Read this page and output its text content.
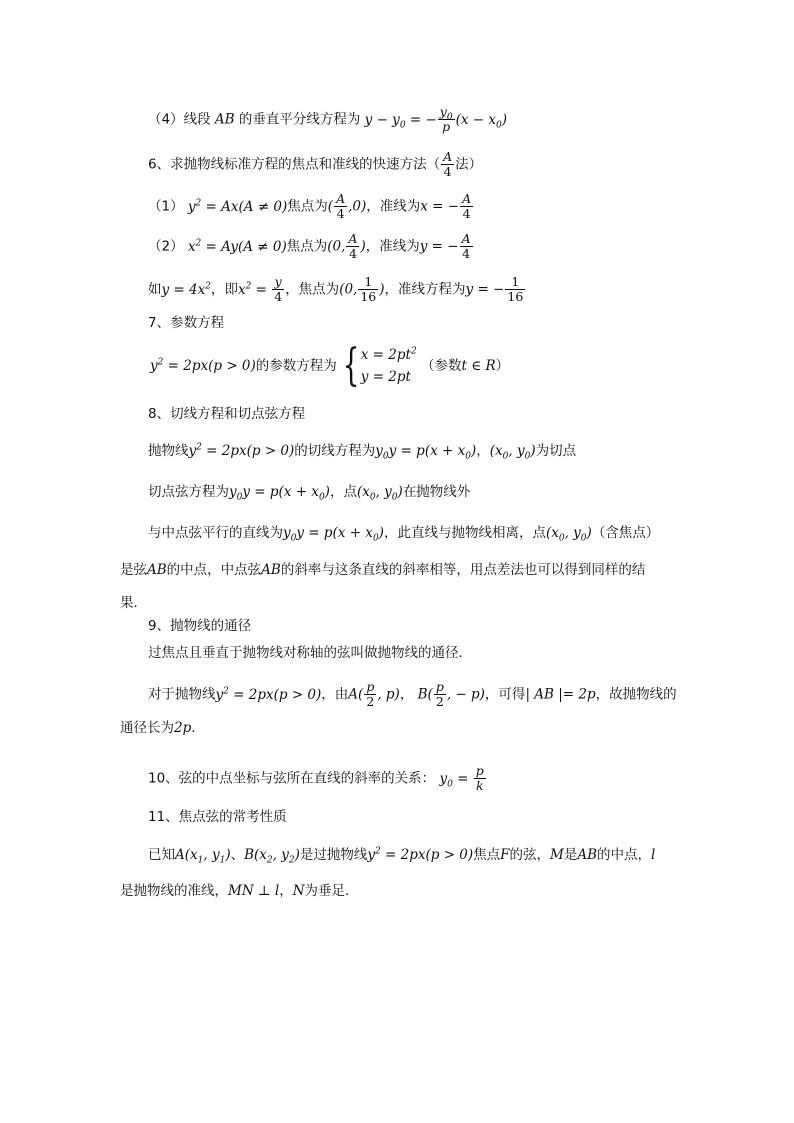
（4）线段 AB 的垂直平分线方程为 $y - y_0$ = − $\frac{y_0}{p} (x - x_0)$
6、求抛物线标准方程的焦点和准线的快速方法（ $\frac{A}{4}$ 法）
（1） $y^2 = Ax(A \ne 0)$焦点为( $\frac{A}{4} ,0$)，准线为x = − $\frac{A}{4}$
（2） $x^2 = Ay(A \ne 0)$焦点为(0, $\frac{A}{4}$ )，准线为y = − $\frac{A}{4}$
如$y = 4x^2$，即$x^2 = \frac{y}{4}$ ，焦点为(0, $\frac{1}{16}$ )，准线方程为y = − $\frac{1}{16}$
7、参数方程
$y^2 = 2px(p > 0)$的参数方程为 { $x = 2pt^2$
y = 2pt
（参数t ∈ R）
8、切线方程和切点弦方程
抛物线$y^2 = 2px(p > 0)$的切线方程为$y_0y = p(x + x_0)$，($x_0$, $y_0$)为切点
切点弦方程为$y_0y = p(x + x_0)$，点($x_0$, $y_0$)在抛物线外
与中点弦平行的直线为$y_0y = p(x + x_0)$，此直线与抛物线相离，点($x_0$, $y_0$)（含焦点）
是弦AB的中点，中点弦AB的斜率与这条直线的斜率相等，用点差法也可以得到同样的结
果．
9、抛物线的通径
过焦点且垂直于抛物线对称轴的弦叫做抛物线的通径．
对于抛物线$y^2 = 2px(p > 0)$，由$A( \frac{p}{2}$ , p)， $B( \frac{p}{2}$ , − p)，可得| AB |= 2p，故抛物线的
通径长为2p．
10、弦的中点坐标与弦所在直线的斜率的关系： $y_0 = \frac{p}{k}$
11、焦点弦的常考性质
已知$A(x_1$, $y_1$)、$B(x_2$, $y_2$)是过抛物线$y^2 = 2px(p > 0)$焦点F的弦，M是AB的中点，l
是抛物线的准线，MN ⊥ l，N为垂足．
